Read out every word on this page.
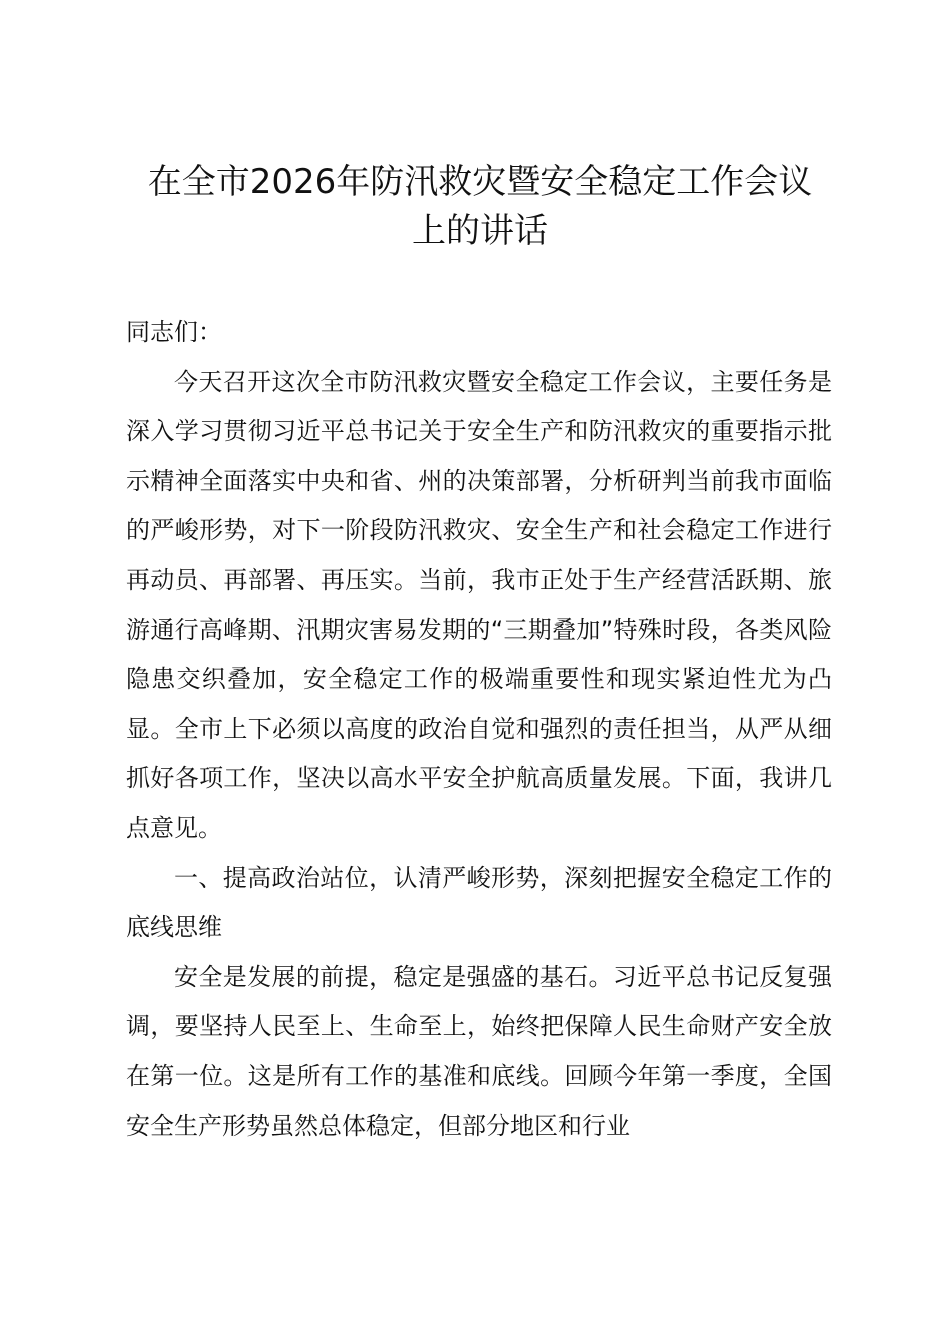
在全市2026年防汛救灾暨安全稳定工作会议
上的讲话

同志们：

今天召开这次全市防汛救灾暨安全稳定工作会议，主要任务是深入学习贯彻习近平总书记关于安全生产和防汛救灾的重要指示批示精神全面落实中央和省、州的决策部署，分析研判当前我市面临的严峻形势，对下一阶段防汛救灾、安全生产和社会稳定工作进行再动员、再部署、再压实。当前，我市正处于生产经营活跃期、旅游通行高峰期、汛期灾害易发期的“三期叠加”特殊时段，各类风险隐患交织叠加，安全稳定工作的极端重要性和现实紧迫性尤为凸显。全市上下必须以高度的政治自觉和强烈的责任担当，从严从细抓好各项工作，坚决以高水平安全护航高质量发展。下面，我讲几点意见。

一、提高政治站位，认清严峻形势，深刻把握安全稳定工作的底线思维

安全是发展的前提，稳定是强盛的基石。习近平总书记反复强调，要坚持人民至上、生命至上，始终把保障人民生命财产安全放在第一位。这是所有工作的基准和底线。回顾今年第一季度，全国安全生产形势虽然总体稳定，但部分地区和行业
